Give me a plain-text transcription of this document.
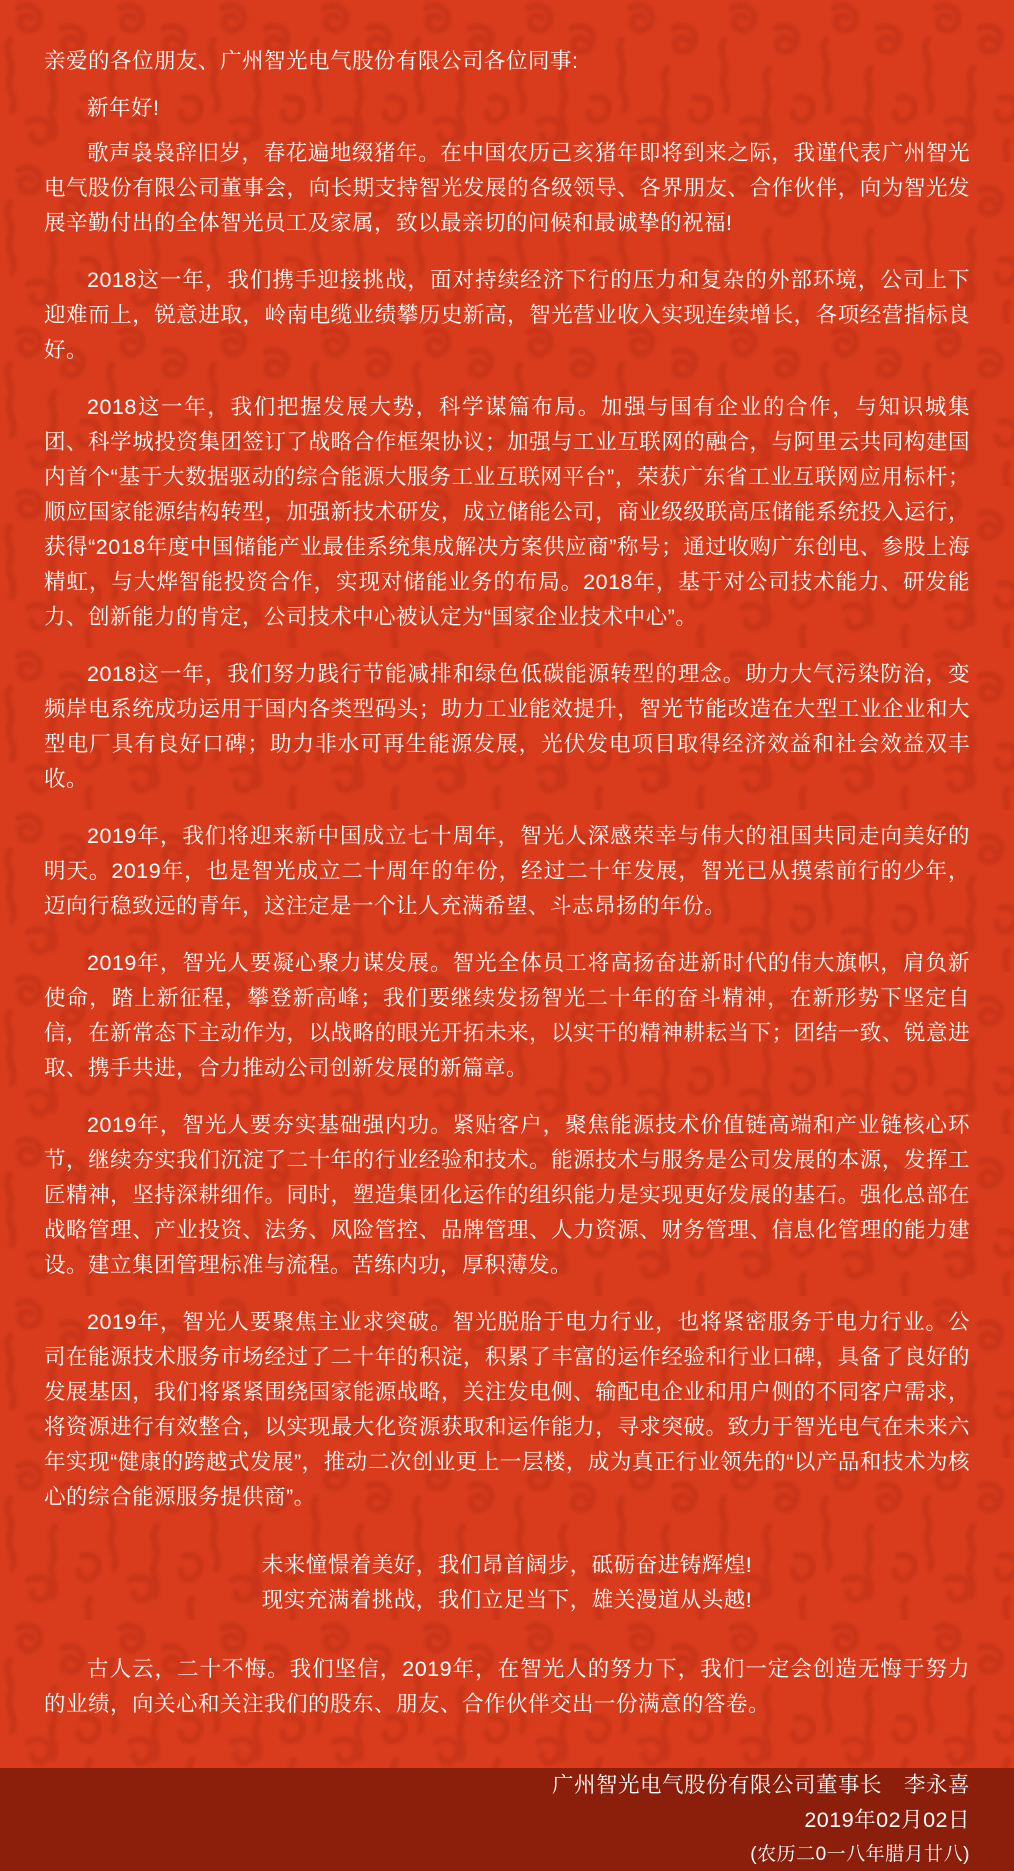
亲爱的各位朋友、广州智光电气股份有限公司各位同事:

新年好!

歌声袅袅辞旧岁，春花遍地缀猪年。在中国农历己亥猪年即将到来之际，我谨代表广州智光电气股份有限公司董事会，向长期支持智光发展的各级领导、各界朋友、合作伙伴，向为智光发展辛勤付出的全体智光员工及家属，致以最亲切的问候和最诚挚的祝福!

2018这一年，我们携手迎接挑战，面对持续经济下行的压力和复杂的外部环境，公司上下迎难而上，锐意进取，岭南电缆业绩攀历史新高，智光营业收入实现连续增长，各项经营指标良好。

2018这一年，我们把握发展大势，科学谋篇布局。加强与国有企业的合作，与知识城集团、科学城投资集团签订了战略合作框架协议；加强与工业互联网的融合，与阿里云共同构建国内首个“基于大数据驱动的综合能源大服务工业互联网平台”，荣获广东省工业互联网应用标杆；顺应国家能源结构转型，加强新技术研发，成立储能公司，商业级级联高压储能系统投入运行，获得“2018年度中国储能产业最佳系统集成解决方案供应商”称号；通过收购广东创电、参股上海精虹，与大烨智能投资合作，实现对储能业务的布局。2018年，基于对公司技术能力、研发能力、创新能力的肯定，公司技术中心被认定为“国家企业技术中心”。

2018这一年，我们努力践行节能减排和绿色低碳能源转型的理念。助力大气污染防治，变频岸电系统成功运用于国内各类型码头；助力工业能效提升，智光节能改造在大型工业企业和大型电厂具有良好口碑；助力非水可再生能源发展，光伏发电项目取得经济效益和社会效益双丰收。

2019年，我们将迎来新中国成立七十周年，智光人深感荣幸与伟大的祖国共同走向美好的明天。2019年，也是智光成立二十周年的年份，经过二十年发展，智光已从摸索前行的少年，迈向行稳致远的青年，这注定是一个让人充满希望、斗志昂扬的年份。

2019年，智光人要凝心聚力谋发展。智光全体员工将高扬奋进新时代的伟大旗帜，肩负新使命，踏上新征程，攀登新高峰；我们要继续发扬智光二十年的奋斗精神，在新形势下坚定自信，在新常态下主动作为，以战略的眼光开拓未来，以实干的精神耕耘当下；团结一致、锐意进取、携手共进，合力推动公司创新发展的新篇章。

2019年，智光人要夯实基础强内功。紧贴客户，聚焦能源技术价值链高端和产业链核心环节，继续夯实我们沉淀了二十年的行业经验和技术。能源技术与服务是公司发展的本源，发挥工匠精神，坚持深耕细作。同时，塑造集团化运作的组织能力是实现更好发展的基石。强化总部在战略管理、产业投资、法务、风险管控、品牌管理、人力资源、财务管理、信息化管理的能力建设。建立集团管理标准与流程。苦练内功，厚积薄发。

2019年，智光人要聚焦主业求突破。智光脱胎于电力行业，也将紧密服务于电力行业。公司在能源技术服务市场经过了二十年的积淀，积累了丰富的运作经验和行业口碑，具备了良好的发展基因，我们将紧紧围绕国家能源战略，关注发电侧、输配电企业和用户侧的不同客户需求，将资源进行有效整合，以实现最大化资源获取和运作能力，寻求突破。致力于智光电气在未来六年实现“健康的跨越式发展”，推动二次创业更上一层楼，成为真正行业领先的“以产品和技术为核心的综合能源服务提供商”。

未来憧憬着美好，我们昂首阔步，砥砺奋进铸辉煌!

现实充满着挑战，我们立足当下，雄关漫道从头越!

古人云，二十不悔。我们坚信，2019年，在智光人的努力下，我们一定会创造无悔于努力的业绩，向关心和关注我们的股东、朋友、合作伙伴交出一份满意的答卷。

广州智光电气股份有限公司董事长　李永喜

2019年02月02日

(农历二0一八年腊月廿八)
